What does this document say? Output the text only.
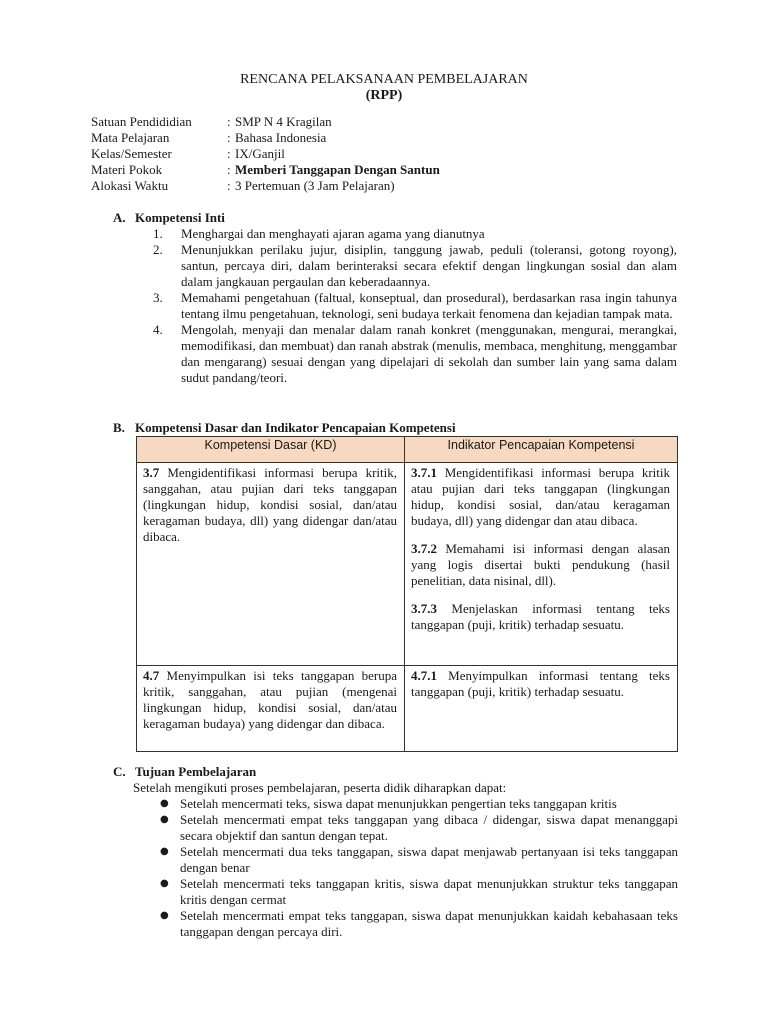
RENCANA PELAKSANAAN PEMBELAJARAN
(RPP)
Satuan Pendididian	: SMP N 4 Kragilan
Mata Pelajaran	: Bahasa Indonesia
Kelas/Semester	: IX/Ganjil
Materi Pokok	: Memberi Tanggapan Dengan Santun
Alokasi Waktu	: 3 Pertemuan (3 Jam Pelajaran)
A. Kompetensi Inti
1. Menghargai dan menghayati ajaran agama yang dianutnya
2. Menunjukkan perilaku jujur, disiplin, tanggung jawab, peduli (toleransi, gotong royong), santun, percaya diri, dalam berinteraksi secara efektif dengan lingkungan sosial dan alam dalam jangkauan pergaulan dan keberadaannya.
3. Memahami pengetahuan (faltual, konseptual, dan prosedural), berdasarkan rasa ingin tahunya tentang ilmu pengetahuan, teknologi, seni budaya terkait fenomena dan kejadian tampak mata.
4. Mengolah, menyaji dan menalar dalam ranah konkret (menggunakan, mengurai, merangkai, memodifikasi, dan membuat) dan ranah abstrak (menulis, membaca, menghitung, menggambar dan mengarang) sesuai dengan yang dipelajari di sekolah dan sumber lain yang sama dalam sudut pandang/teori.
B. Kompetensi Dasar dan Indikator Pencapaian Kompetensi
Kompetensi Dasar (KD)	Indikator Pencapaian Kompetensi

3.7 Mengidentifikasi informasi berupa kritik, sanggahan, atau pujian dari teks tanggapan (lingkungan hidup, kondisi sosial, dan/atau keragaman budaya, dll) yang didengar dan/atau dibaca.	3.7.1 Mengidentifikasi informasi berupa kritik atau pujian dari teks tanggapan (lingkungan hidup, kondisi sosial, dan/atau keragaman budaya, dll) yang didengar dan atau dibaca.

3.7.2 Memahami isi informasi dengan alasan yang logis disertai bukti pendukung (hasil penelitian, data nisinal, dll).

3.7.3 Menjelaskan informasi tentang teks tanggapan (puji, kritik) terhadap sesuatu.

4.7 Menyimpulkan isi teks tanggapan berupa kritik, sanggahan, atau pujian (mengenai lingkungan hidup, kondisi sosial, dan/atau keragaman budaya) yang didengar dan dibaca.	4.7.1 Menyimpulkan informasi tentang teks tanggapan (puji, kritik) terhadap sesuatu.

C. Tujuan Pembelajaran
Setelah mengikuti proses pembelajaran, peserta didik diharapkan dapat:
● Setelah mencermati teks, siswa dapat menunjukkan pengertian teks tanggapan kritis
● Setelah mencermati empat teks tanggapan yang dibaca / didengar, siswa dapat menanggapi secara objektif dan santun dengan tepat.
● Setelah mencermati dua teks tanggapan, siswa dapat menjawab pertanyaan isi teks tanggapan dengan benar
● Setelah mencermati teks tanggapan kritis, siswa dapat menunjukkan struktur teks tanggapan kritis dengan cermat
● Setelah mencermati empat teks tanggapan, siswa dapat menunjukkan kaidah kebahasaan teks tanggapan dengan percaya diri.
